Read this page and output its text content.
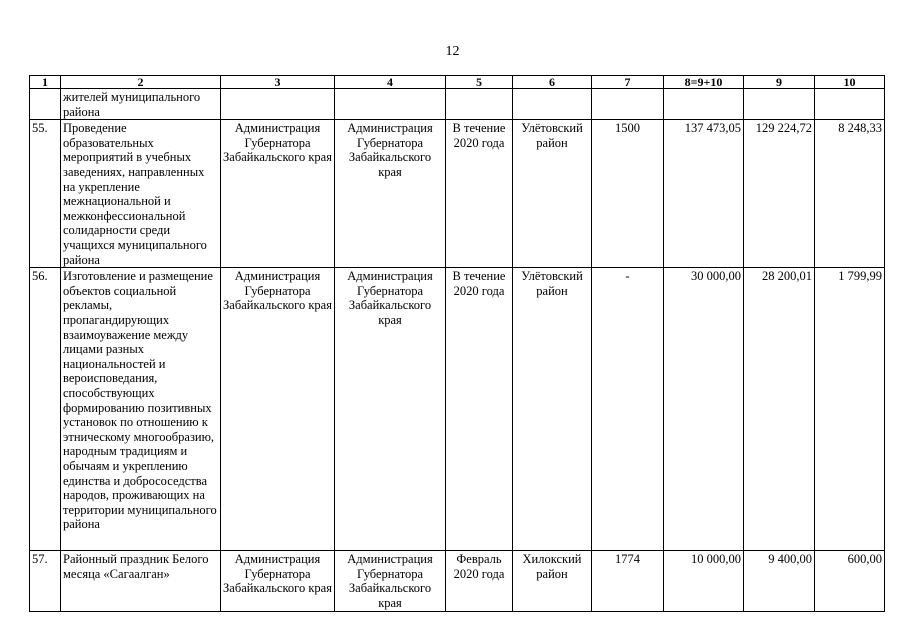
12
1	2	3	4	5	6	7	8=9+10	9	10
	жителей муниципального района								
55.	Проведение образовательных мероприятий в учебных заведениях, направленных на укрепление межнациональной и межконфессиональной солидарности среди учащихся муниципального района	Администрация Губернатора Забайкальского края	Администрация Губернатора Забайкальского края	В течение 2020 года	Улётовский район	1500	137 473,05	129 224,72	8 248,33
56.	Изготовление и размещение объектов социальной рекламы, пропагандирующих взаимоуважение между лицами разных национальностей и вероисповедания, способствующих формированию позитивных установок по отношению к этническому многообразию, народным традициям и обычаям и укреплению единства и добрососедства народов, проживающих на территории муниципального района	Администрация Губернатора Забайкальского края	Администрация Губернатора Забайкальского края	В течение 2020 года	Улётовский район	-	30 000,00	28 200,01	1 799,99
57.	Районный праздник Белого месяца «Сагаалган»	Администрация Губернатора Забайкальского края	Администрация Губернатора Забайкальского края	Февраль 2020 года	Хилокский район	1774	10 000,00	9 400,00	600,00
